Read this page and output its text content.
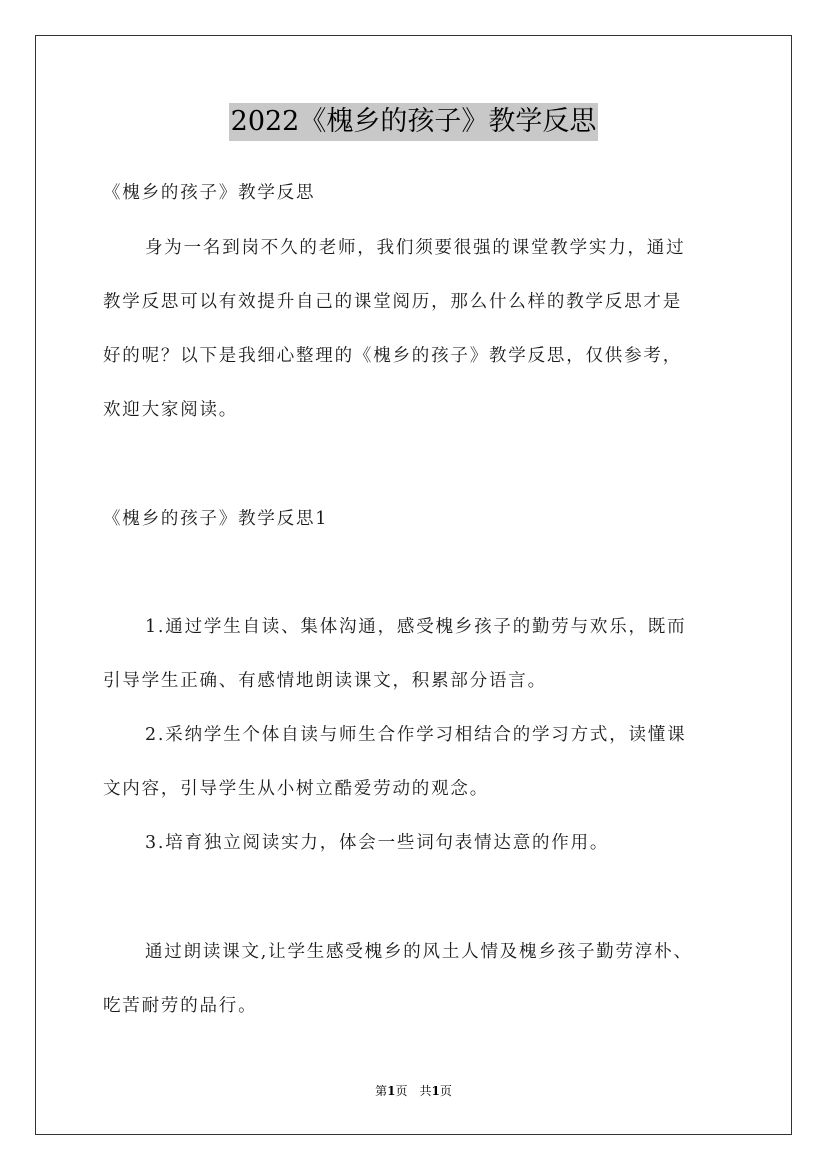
2022《槐乡的孩子》教学反思
《槐乡的孩子》教学反思
身为一名到岗不久的老师，我们须要很强的课堂教学实力，通过
教学反思可以有效提升自己的课堂阅历，那么什么样的教学反思才是
好的呢？以下是我细心整理的《槐乡的孩子》教学反思，仅供参考，
欢迎大家阅读。
《槐乡的孩子》教学反思1
1.通过学生自读、集体沟通，感受槐乡孩子的勤劳与欢乐，既而
引导学生正确、有感情地朗读课文，积累部分语言。
2.采纳学生个体自读与师生合作学习相结合的学习方式，读懂课
文内容，引导学生从小树立酷爱劳动的观念。
3.培育独立阅读实力，体会一些词句表情达意的作用。
通过朗读课文,让学生感受槐乡的风土人情及槐乡孩子勤劳淳朴、
吃苦耐劳的品行。
第1页　共1页
